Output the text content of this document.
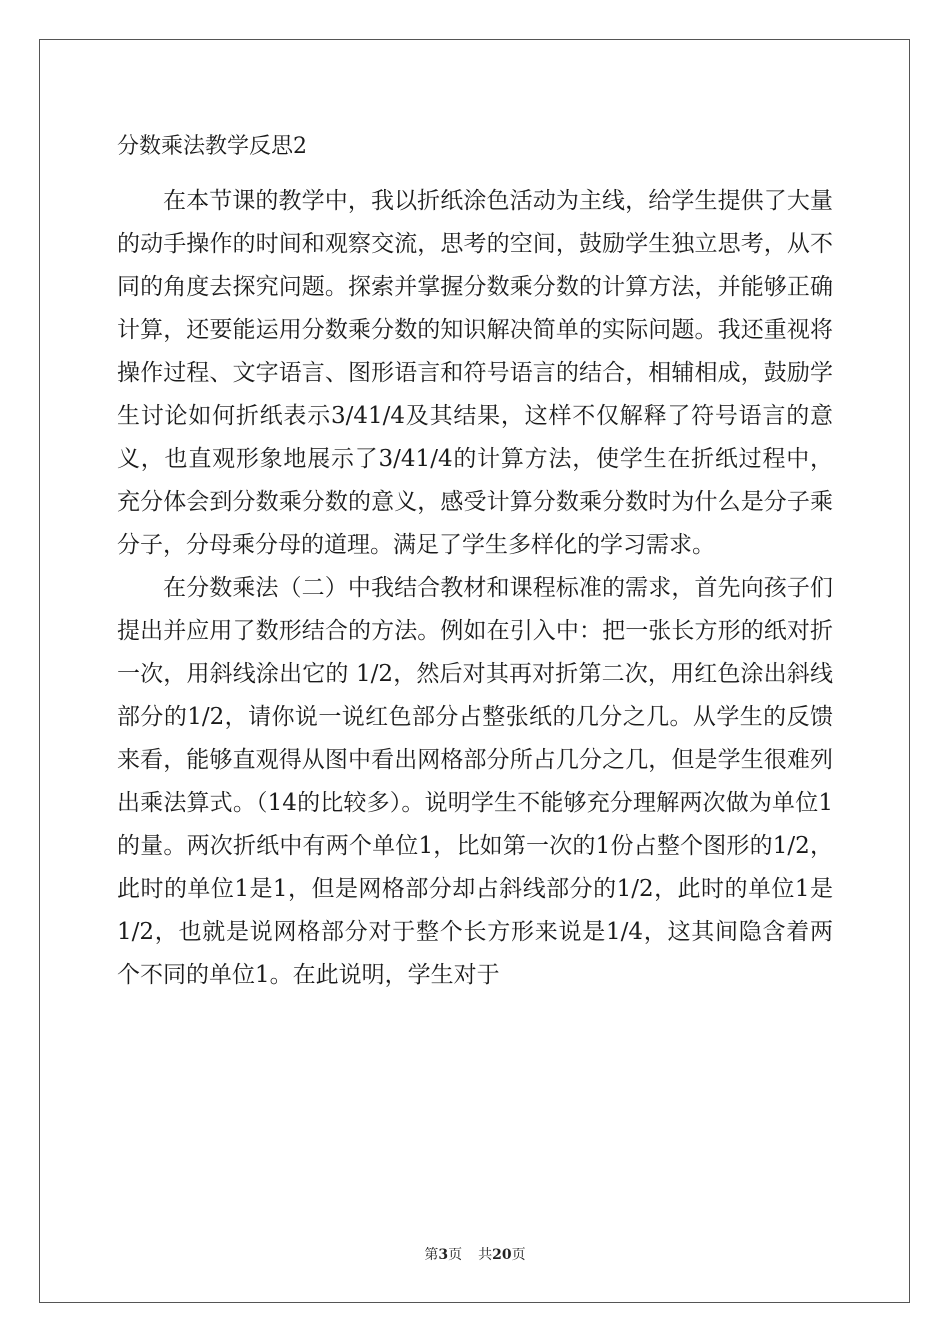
分数乘法教学反思2

在本节课的教学中，我以折纸涂色活动为主线，给学生提供了大量的动手操作的时间和观察交流，思考的空间，鼓励学生独立思考，从不同的角度去探究问题。探索并掌握分数乘分数的计算方法，并能够正确计算，还要能运用分数乘分数的知识解决简单的实际问题。我还重视将操作过程、文字语言、图形语言和符号语言的结合，相辅相成，鼓励学生讨论如何折纸表示3/41/4及其结果，这样不仅解释了符号语言的意义，也直观形象地展示了3/41/4的计算方法，使学生在折纸过程中，充分体会到分数乘分数的意义，感受计算分数乘分数时为什么是分子乘分子，分母乘分母的道理。满足了学生多样化的学习需求。

在分数乘法（二）中我结合教材和课程标准的需求，首先向孩子们提出并应用了数形结合的方法。例如在引入中：把一张长方形的纸对折一次，用斜线涂出它的 1/2，然后对其再对折第二次，用红色涂出斜线部分的1/2，请你说一说红色部分占整张纸的几分之几。从学生的反馈来看，能够直观得从图中看出网格部分所占几分之几，但是学生很难列出乘法算式。（14的比较多）。说明学生不能够充分理解两次做为单位1的量。两次折纸中有两个单位1，比如第一次的1份占整个图形的1/2，此时的单位1是1，但是网格部分却占斜线部分的1/2，此时的单位1是1/2，也就是说网格部分对于整个长方形来说是1/4，这其间隐含着两个不同的单位1。在此说明，学生对于

第3页 共20页
